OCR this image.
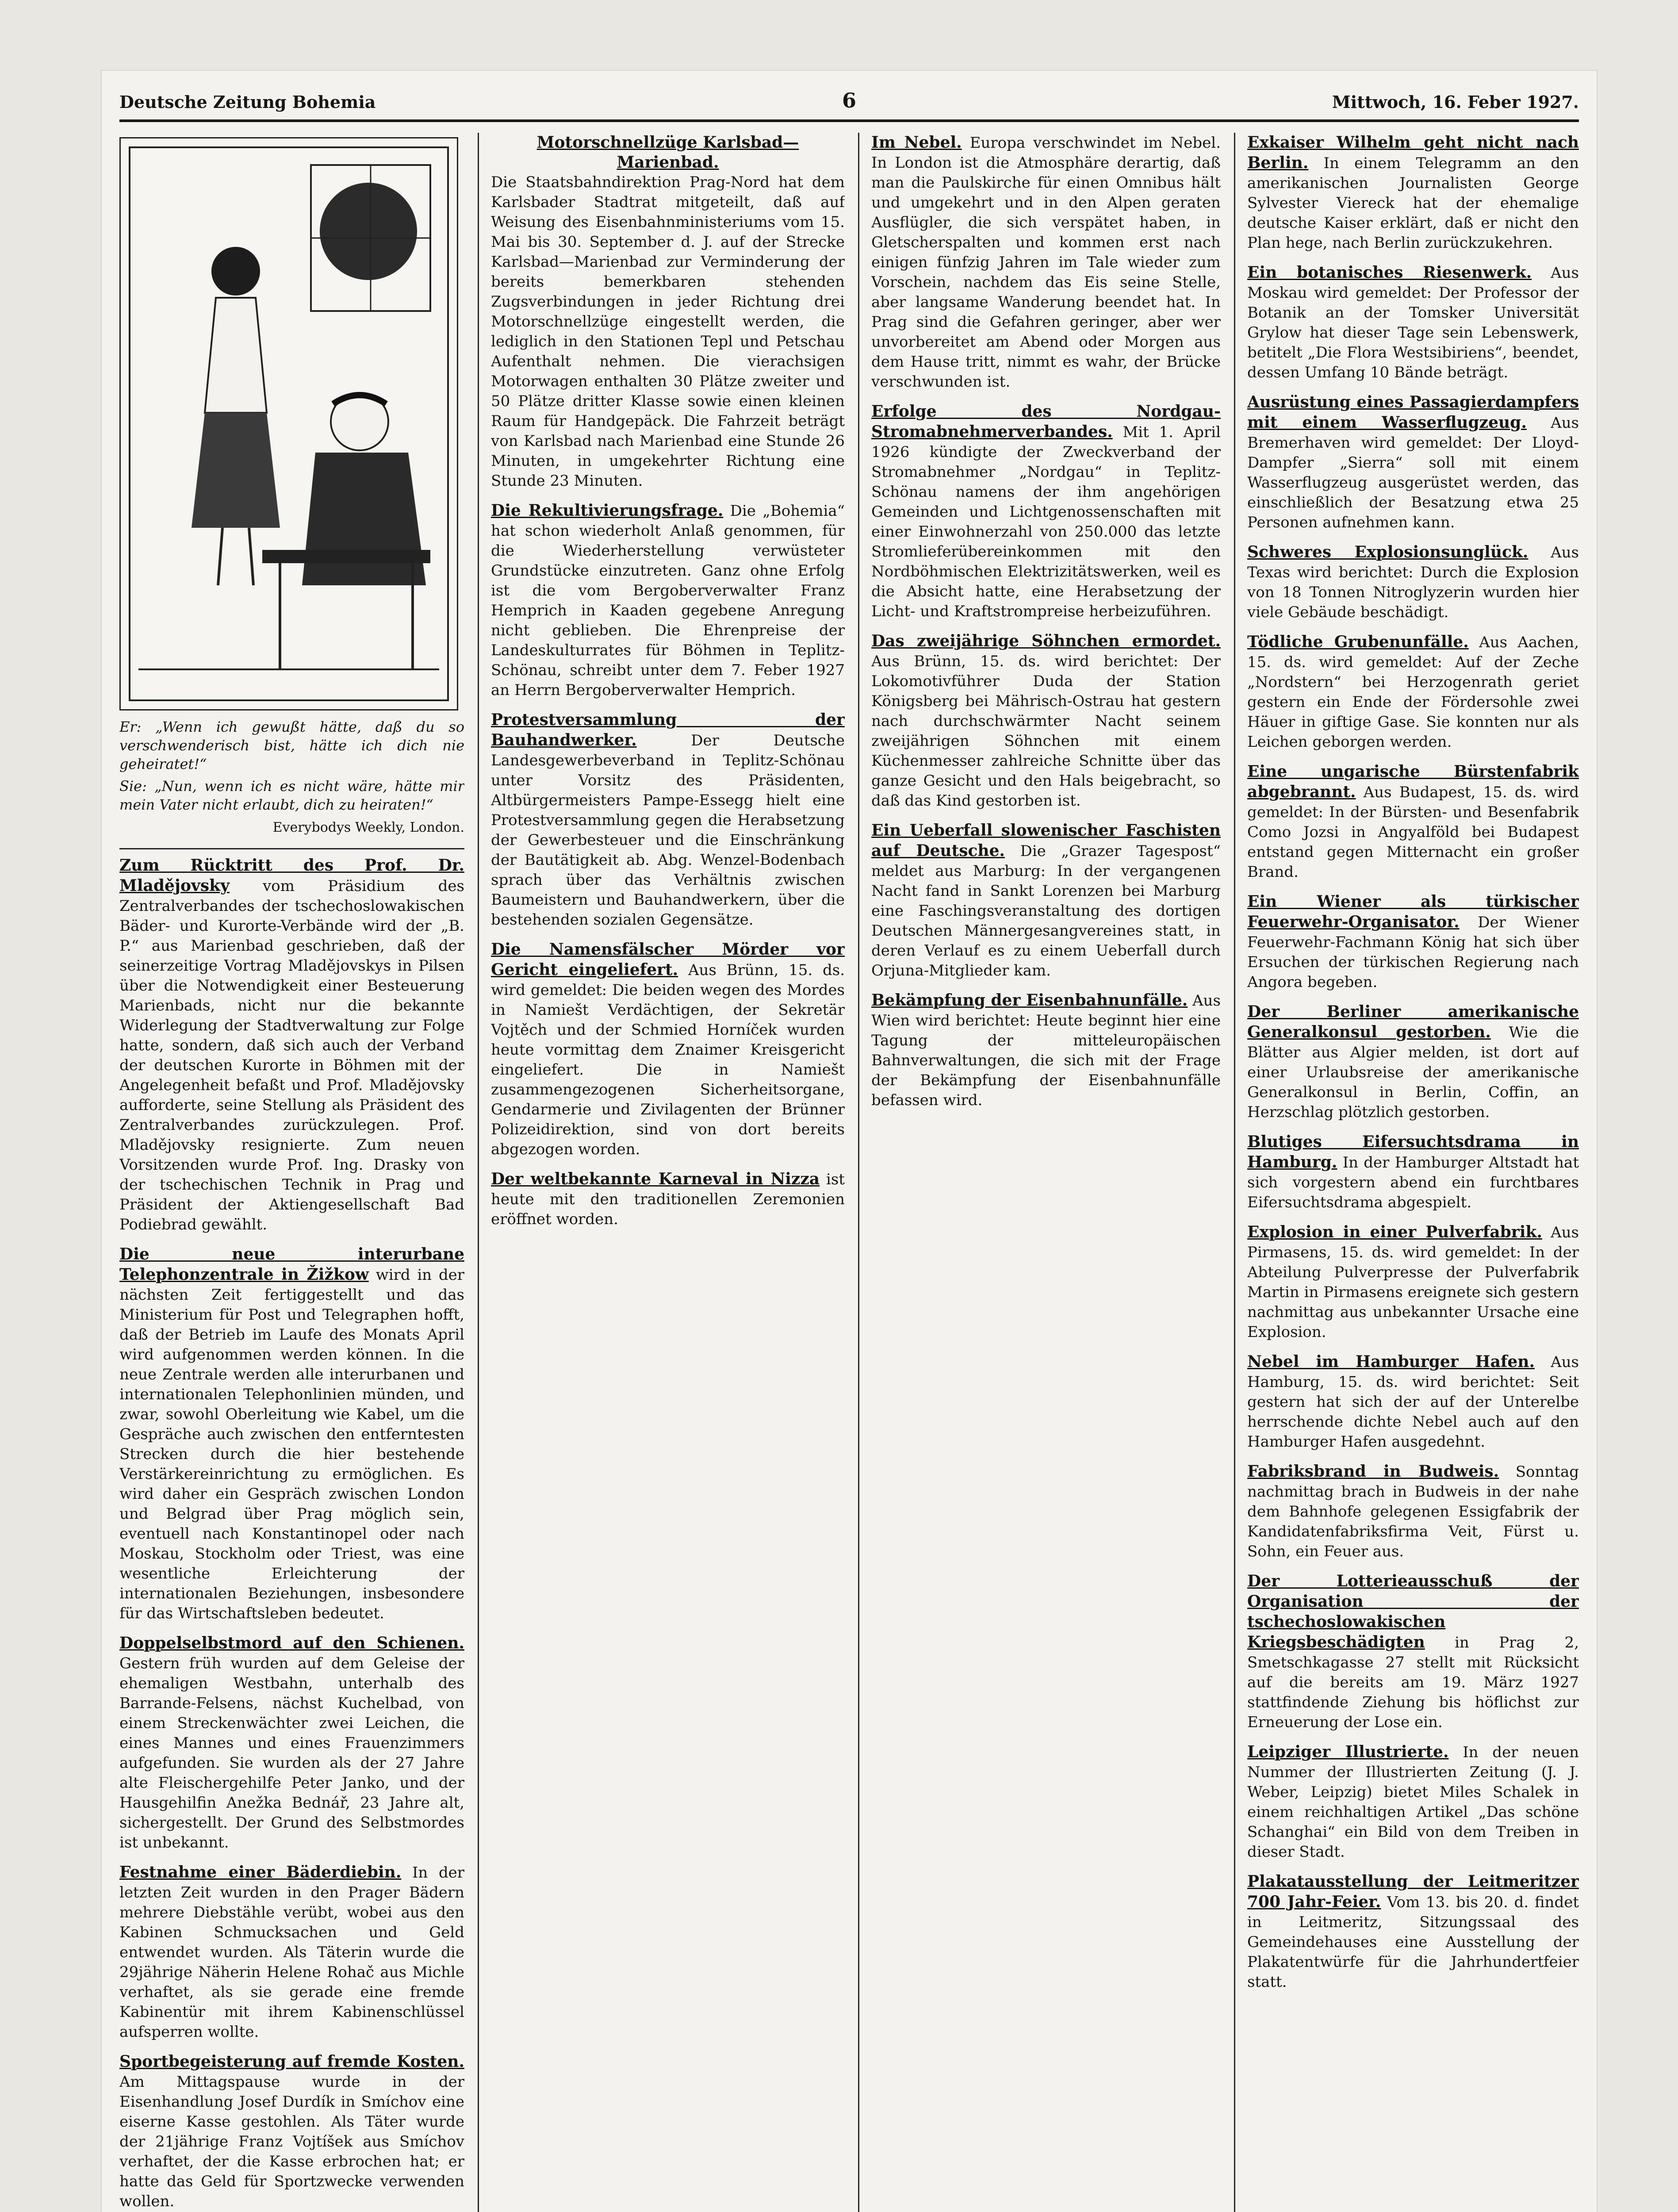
Deutsche Zeitung Bohemia	6	Mittwoch, 16. Feber 1927.
Er: „Wenn ich gewußt hätte, daß du so verschwenderisch bist, hätte ich dich nie geheiratet!“
Sie: „Nun, wenn ich es nicht wäre, hätte mir mein Vater nicht erlaubt, dich zu heiraten!“
Everybodys Weekly, London.
Zum Rücktritt des Prof. Dr. Mladějovsky vom Präsidium des Zentralverbandes der tschechoslowakischen Bäder- und Kurorte-Verbände wird der „B. P.“ aus Marienbad geschrieben, daß der seinerzeitige Vortrag Mladějovskys in Pilsen über die Notwendigkeit einer Besteuerung Marienbads, nicht nur die bekannte Widerlegung der Stadtverwaltung zur Folge hatte, sondern, daß sich auch der Verband der deutschen Kurorte in Böhmen mit der Angelegenheit befaßt und Prof. Mladějovsky aufforderte, seine Stellung als Präsident des Zentralverbandes zurückzulegen. Prof. Mladějovsky resignierte. Zum neuen Vorsitzenden wurde Prof. Ing. Drasky von der tschechischen Technik in Prag und Präsident der Aktiengesellschaft Bad Podiebrad gewählt.
Die neue interurbane Telephonzentrale in Žižkow wird in der nächsten Zeit fertiggestellt und das Ministerium für Post und Telegraphen hofft, daß der Betrieb im Laufe des Monats April wird aufgenommen werden können. In die neue Zentrale werden alle interurbanen und internationalen Telephonlinien münden, und zwar, sowohl Oberleitung wie Kabel, um die Gespräche auch zwischen den entferntesten Strecken durch die hier bestehende Verstärkereinrichtung zu ermöglichen. Es wird daher ein Gespräch zwischen London und Belgrad über Prag möglich sein, eventuell nach Konstantinopel oder nach Moskau, Stockholm oder Triest, was eine wesentliche Erleichterung der internationalen Beziehungen, insbesondere für das Wirtschaftsleben bedeutet.
Doppelselbstmord auf den Schienen. Gestern früh wurden auf dem Geleise der ehemaligen Westbahn, unterhalb des Barrande-Felsens, nächst Kuchelbad, von einem Streckenwächter zwei Leichen, die eines Mannes und eines Frauenzimmers aufgefunden. Sie wurden als der 27 Jahre alte Fleischergehilfe Peter Janko, und der Hausgehilfin Anežka Bednář, 23 Jahre alt, sichergestellt. Der Grund des Selbstmordes ist unbekannt.
Festnahme einer Bäderdiebin. In der letzten Zeit wurden in den Prager Bädern mehrere Diebstähle verübt, wobei aus den Kabinen Schmucksachen und Geld entwendet wurden. Als Täterin wurde die 29jährige Näherin Helene Rohač aus Michle verhaftet, als sie gerade eine fremde Kabinentür mit ihrem Kabinenschlüssel aufsperren wollte.
Sportbegeisterung auf fremde Kosten. Am Mittagspause wurde in der Eisenhandlung Josef Durdík in Smíchov eine eiserne Kasse gestohlen. Als Täter wurde der 21jährige Franz Vojtíšek aus Smíchov verhaftet, der die Kasse erbrochen hat; er hatte das Geld für Sportzwecke verwenden wollen.
Motorschnellzüge Karlsbad—Marienbad.

Die Staatsbahndirektion Prag-Nord hat dem Karlsbader Stadtrat mitgeteilt, daß auf Weisung des Eisenbahnministeriums vom 15. Mai bis 30. September d. J. auf der Strecke Karlsbad—Marienbad zur Verminderung der bereits bemerkbaren stehenden Zugsverbindungen in jeder Richtung drei Motorschnellzüge eingestellt werden, die lediglich in den Stationen Tepl und Petschau Aufenthalt nehmen. Die vierachsigen Motorwagen enthalten 30 Plätze zweiter und 50 Plätze dritter Klasse sowie einen kleinen Raum für Handgepäck. Die Fahrzeit beträgt von Karlsbad nach Marienbad eine Stunde 26 Minuten, in umgekehrter Richtung eine Stunde 23 Minuten.

Die Rekultivierungsfrage. Die „Bohemia“ hat schon wiederholt Anlaß genommen, für die Wiederherstellung verwüsteter Grundstücke einzutreten. Ganz ohne Erfolg ist die vom Bergoberverwalter Franz Hemprich in Kaaden gegebene Anregung nicht geblieben. Die Ehrenpreise der Landeskulturrates für Böhmen in Teplitz-Schönau, schreibt unter dem 7. Feber 1927 an Herrn Bergoberverwalter Hemprich.
Protestversammlung der Bauhandwerker.	Der Deutsche Landesgewerbeverband in Teplitz-Schönau unter Vorsitz des Präsidenten, Altbürgermeisters Pampe-Essegg hielt eine Protestversammlung gegen die Herabsetzung der Gewerbesteuer und die Einschränkung der Bautätigkeit ab. Abg. Wenzel-Bodenbach sprach über das Verhältnis zwischen Baumeistern und Bauhandwerkern, über die bestehenden sozialen Gegensätze.
Die Namensfälscher Mörder vor Gericht eingeliefert. Aus Brünn, 15. ds. wird gemeldet: Die beiden wegen des Mordes in Namiešt Verdächtigen, der Sekretär Vojtěch und der Schmied Horníček wurden heute vormittag dem Znaimer Kreisgericht eingeliefert. Die in Namiešt zusammengezogenen Sicherheitsorgane, Gendarmerie und Zivilagenten der Brünner Polizeidirektion, sind von dort bereits abgezogen worden.
Der weltbekannte Karneval in Nizza ist heute mit den traditionellen Zeremonien eröffnet worden.
Im Nebel. Europa verschwindet im Nebel. In London ist die Atmosphäre derartig, daß man die Paulskirche für einen Omnibus hält und umgekehrt und in den Alpen geraten Ausflügler, die sich verspätet haben, in Gletscherspalten und kommen erst nach einigen fünfzig Jahren im Tale wieder zum Vorschein, nachdem das Eis seine Stelle, aber langsame Wanderung beendet hat. In Prag sind die Gefahren geringer, aber wer unvorbereitet am Abend oder Morgen aus dem Hause tritt, nimmt es wahr, der Brücke verschwunden ist.
Erfolge des Nordgau-Stromabnehmerverbandes. Mit 1. April 1926 kündigte der Zweckverband der Stromabnehmer „Nordgau“ in Teplitz-Schönau namens der ihm angehörigen Gemeinden und Lichtgenossenschaften mit einer Einwohnerzahl von 250.000 das letzte Stromlieferübereinkommen mit den Nordböhmischen Elektrizitätswerken, weil es die Absicht hatte, eine Herabsetzung der Licht- und Kraftstrompreise herbeizuführen.
Das zweijährige Söhnchen ermordet. Aus Brünn, 15. ds. wird berichtet: Der Lokomotivführer Duda der Station Königsberg bei Mährisch-Ostrau hat gestern nach durchschwärmter Nacht seinem zweijährigen Söhnchen mit einem Küchenmesser zahlreiche Schnitte über das ganze Gesicht und den Hals beigebracht, so daß das Kind gestorben ist.
Ein Ueberfall slowenischer Faschisten auf Deutsche. Die „Grazer Tagespost“ meldet aus Marburg: In der vergangenen Nacht fand in Sankt Lorenzen bei Marburg eine Faschingsveranstaltung des dortigen Deutschen Männergesangvereines statt, in deren Verlauf es zu einem Ueberfall durch Orjuna-Mitglieder kam.
Bekämpfung der Eisenbahnunfälle. Aus Wien wird berichtet: Heute beginnt hier eine Tagung der mitteleuropäischen Bahnverwaltungen, die sich mit der Frage der Bekämpfung der Eisenbahnunfälle befassen wird.
Exkaiser Wilhelm geht nicht nach Berlin. In einem Telegramm an den amerikanischen Journalisten George Sylvester Viereck hat der ehemalige deutsche Kaiser erklärt, daß er nicht den Plan hege, nach Berlin zurückzukehren.
Ein botanisches Riesenwerk. Aus Moskau wird gemeldet: Der Professor der Botanik an der Tomsker Universität Grylow hat dieser Tage sein Lebenswerk, betitelt „Die Flora Westsibiriens“, beendet, dessen Umfang 10 Bände beträgt.
Ausrüstung eines Passagierdampfers mit einem Wasserflugzeug. Aus Bremerhaven wird gemeldet: Der Lloyd-Dampfer „Sierra“ soll mit einem Wasserflugzeug ausgerüstet werden, das einschließlich der Besatzung etwa 25 Personen aufnehmen kann.
Schweres Explosionsunglück. Aus Texas wird berichtet: Durch die Explosion von 18 Tonnen Nitroglyzerin wurden hier viele Gebäude beschädigt.
Tödliche Grubenunfälle. Aus Aachen, 15. ds. wird gemeldet: Auf der Zeche „Nordstern“ bei Herzogenrath geriet gestern ein Ende der Fördersohle zwei Häuer in giftige Gase. Sie konnten nur als Leichen geborgen werden.
Eine ungarische Bürstenfabrik abgebrannt. Aus Budapest, 15. ds. wird gemeldet: In der Bürsten- und Besenfabrik Como Jozsi in Angyalföld bei Budapest entstand gegen Mitternacht ein großer Brand.
Ein Wiener als türkischer Feuerwehr-Organisator. Der Wiener Feuerwehr-Fachmann König hat sich über Ersuchen der türkischen Regierung nach Angora begeben.
Der Berliner amerikanische Generalkonsul gestorben. Wie die Blätter aus Algier melden, ist dort auf einer Urlaubsreise der amerikanische Generalkonsul in Berlin, Coffin, an Herzschlag plötzlich gestorben.
Blutiges Eifersuchtsdrama in Hamburg. In der Hamburger Altstadt hat sich vorgestern abend ein furchtbares Eifersuchtsdrama abgespielt.
Explosion in einer Pulverfabrik. Aus Pirmasens, 15. ds. wird gemeldet: In der Abteilung Pulverpresse der Pulverfabrik Martin in Pirmasens ereignete sich gestern nachmittag aus unbekannter Ursache eine Explosion.
Nebel im Hamburger Hafen. Aus Hamburg, 15. ds. wird berichtet: Seit gestern hat sich der auf der Unterelbe herrschende dichte Nebel auch auf den Hamburger Hafen ausgedehnt.
Fabriksbrand in Budweis. Sonntag nachmittag brach in Budweis in der nahe dem Bahnhofe gelegenen Essigfabrik der Kandidatenfabriksfirma Veit, Fürst u. Sohn, ein Feuer aus.
Der Lotterieausschuß der Organisation der tschechoslowakischen Kriegsbeschädigten in Prag 2, Smetschkagasse 27 stellt mit Rücksicht auf die bereits am 19. März 1927 stattfindende Ziehung bis höflichst zur Erneuerung der Lose ein.
Leipziger Illustrierte. In der neuen Nummer der Illustrierten Zeitung (J. J. Weber, Leipzig) bietet Miles Schalek in einem reichhaltigen Artikel „Das schöne Schanghai“ ein Bild von dem Treiben in dieser Stadt.
Plakatausstellung der Leitmeritzer 700 Jahr-Feier. Vom 13. bis 20. d. findet in Leitmeritz, Sitzungssaal des Gemeindehauses eine Ausstellung der Plakatentwürfe für die Jahrhundertfeier statt.
